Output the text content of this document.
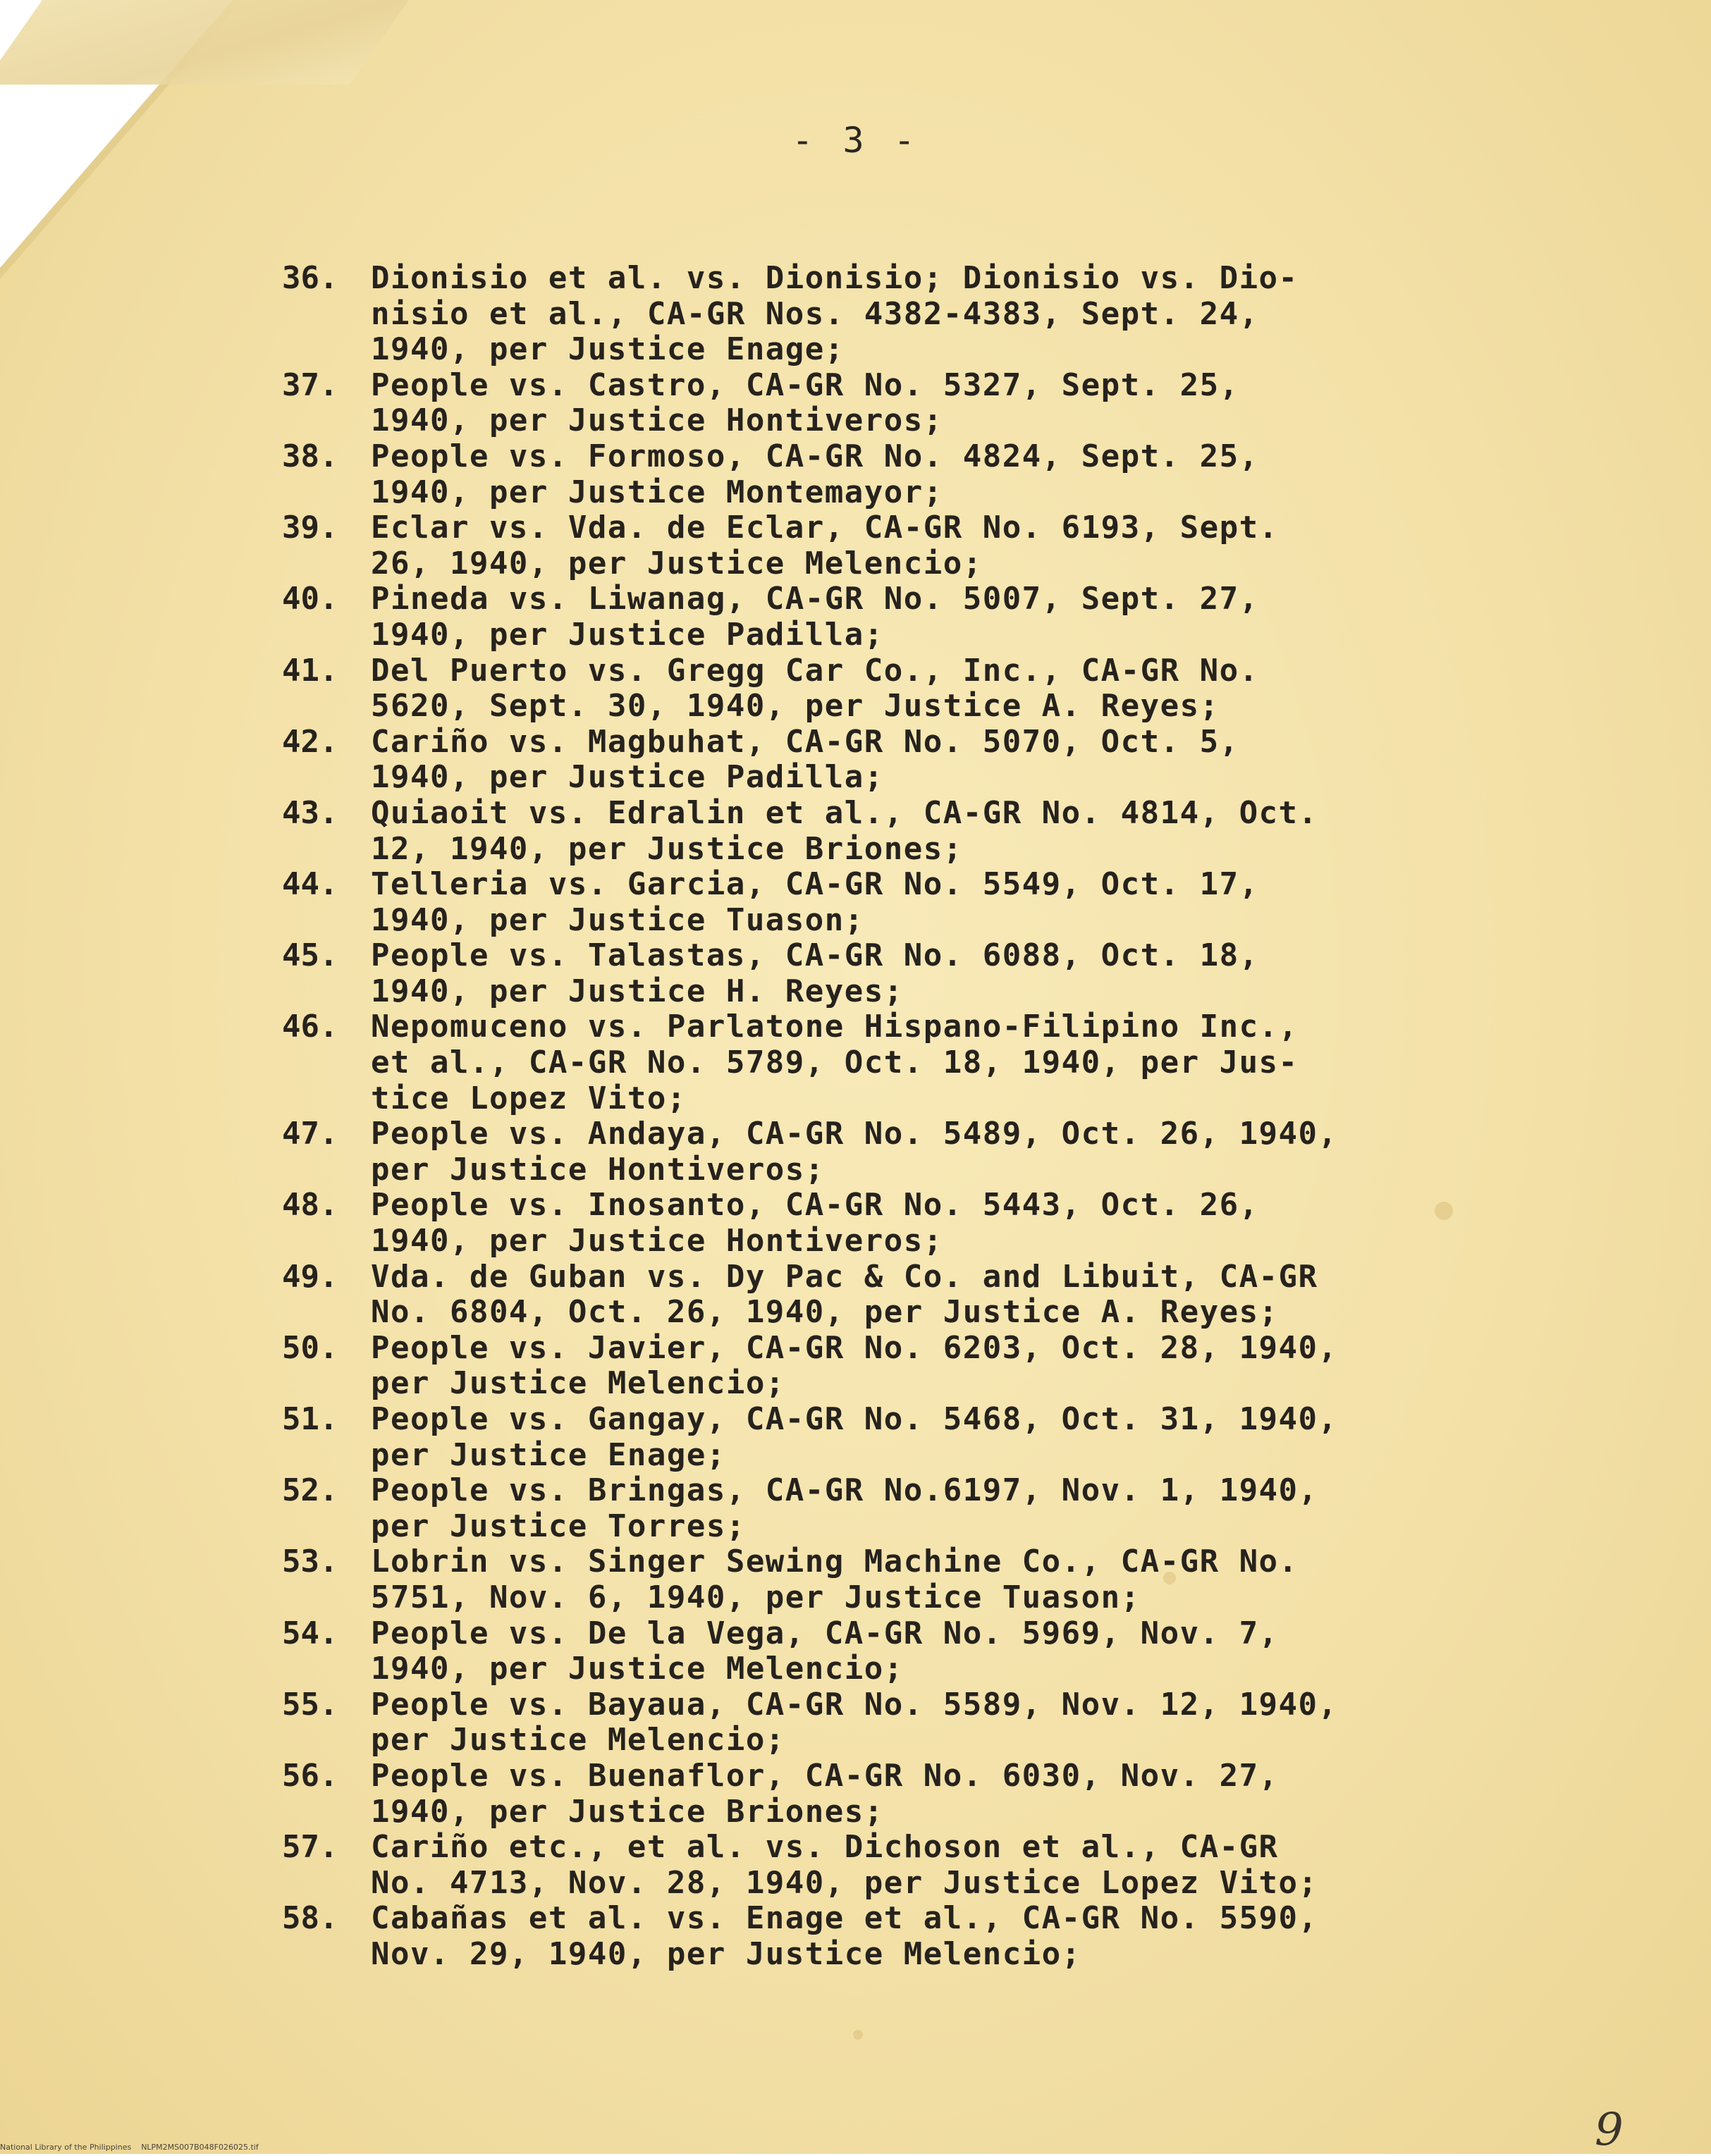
- 3 -
36.	Dionisio et al. vs. Dionisio; Dionisio vs. Dio-
nisio et al., CA-GR Nos. 4382-4383, Sept. 24,
1940, per Justice Enage;
37.	People vs. Castro, CA-GR No. 5327, Sept. 25,
1940, per Justice Hontiveros;
38.	People vs. Formoso, CA-GR No. 4824, Sept. 25,
1940, per Justice Montemayor;
39.	Eclar vs. Vda. de Eclar, CA-GR No. 6193, Sept.
26, 1940, per Justice Melencio;
40.	Pineda vs. Liwanag, CA-GR No. 5007, Sept. 27,
1940, per Justice Padilla;
41.	Del Puerto vs. Gregg Car Co., Inc., CA-GR No.
5620, Sept. 30, 1940, per Justice A. Reyes;
42.	Cariño vs. Magbuhat, CA-GR No. 5070, Oct. 5,
1940, per Justice Padilla;
43.	Quiaoit vs. Edralin et al., CA-GR No. 4814, Oct.
12, 1940, per Justice Briones;
44.	Telleria vs. Garcia, CA-GR No. 5549, Oct. 17,
1940, per Justice Tuason;
45.	People vs. Talastas, CA-GR No. 6088, Oct. 18,
1940, per Justice H. Reyes;
46.	Nepomuceno vs. Parlatone Hispano-Filipino Inc.,
et al., CA-GR No. 5789, Oct. 18, 1940, per Jus-
tice Lopez Vito;
47.	People vs. Andaya, CA-GR No. 5489, Oct. 26, 1940,
per Justice Hontiveros;
48.	People vs. Inosanto, CA-GR No. 5443, Oct. 26,
1940, per Justice Hontiveros;
49.	Vda. de Guban vs. Dy Pac & Co. and Libuit, CA-GR
No. 6804, Oct. 26, 1940, per Justice A. Reyes;
50.	People vs. Javier, CA-GR No. 6203, Oct. 28, 1940,
per Justice Melencio;
51.	People vs. Gangay, CA-GR No. 5468, Oct. 31, 1940,
per Justice Enage;
52.	People vs. Bringas, CA-GR No.6197, Nov. 1, 1940,
per Justice Torres;
53.	Lobrin vs. Singer Sewing Machine Co., CA-GR No.
5751, Nov. 6, 1940, per Justice Tuason;
54.	People vs. De la Vega, CA-GR No. 5969, Nov. 7,
1940, per Justice Melencio;
55.	People vs. Bayaua, CA-GR No. 5589, Nov. 12, 1940,
per Justice Melencio;
56.	People vs. Buenaflor, CA-GR No. 6030, Nov. 27,
1940, per Justice Briones;
57.	Cariño etc., et al. vs. Dichoson et al., CA-GR
No. 4713, Nov. 28, 1940, per Justice Lopez Vito;
58.	Cabañas et al. vs. Enage et al., CA-GR No. 5590,
Nov. 29, 1940, per Justice Melencio;
9
National Library of the Philippines    NLPM2MS007B048F026025.tif
